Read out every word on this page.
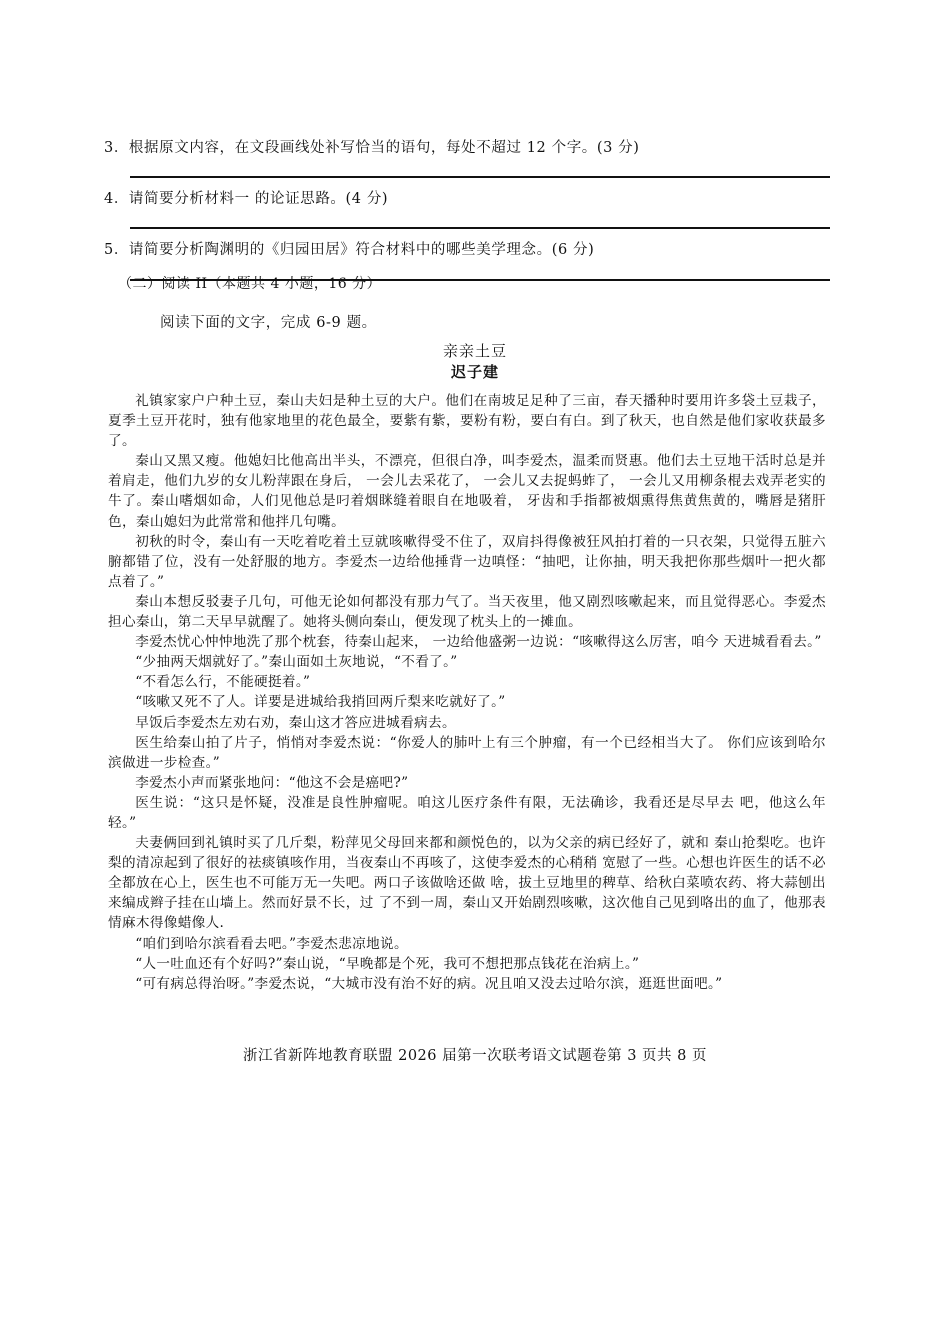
3．根据原文内容，在文段画线处补写恰当的语句，每处不超过 12 个字。(3 分)
4．请简要分析材料一 的论证思路。(4 分)
5．请简要分析陶渊明的《归园田居》符合材料中的哪些美学理念。(6 分)
（二）阅读 II（本题共 4 小题，16 分）
阅读下面的文字，完成 6-9 题。
亲亲土豆
迟子建

礼镇家家户户种土豆，秦山夫妇是种土豆的大户。他们在南坡足足种了三亩，春天播种时要用许多袋土豆栽子，夏季土豆开花时，独有他家地里的花色最全，要紫有紫，要粉有粉，要白有白。到了秋天，也自然是他们家收获最多了。

秦山又黑又瘦。他媳妇比他高出半头，不漂亮，但很白净，叫李爱杰，温柔而贤惠。他们去土豆地干活时总是并着肩走，他们九岁的女儿粉萍跟在身后， 一会儿去采花了， 一会儿又去捉蚂蚱了， 一会儿又用柳条棍去戏弄老实的牛了。秦山嗜烟如命，人们见他总是叼着烟眯缝着眼自在地吸着， 牙齿和手指都被烟熏得焦黄焦黄的，嘴唇是猪肝色，秦山媳妇为此常常和他拌几句嘴。

初秋的时令，秦山有一天吃着吃着土豆就咳嗽得受不住了，双肩抖得像被狂风拍打着的一只衣架，只觉得五脏六腑都错了位，没有一处舒服的地方。李爱杰一边给他捶背一边嗔怪：“抽吧，让你抽，明天我把你那些烟叶一把火都点着了。”

秦山本想反驳妻子几句，可他无论如何都没有那力气了。当天夜里，他又剧烈咳嗽起来，而且觉得恶心。李爱杰担心秦山，第二天早早就醒了。她将头侧向秦山，便发现了枕头上的一摊血。

李爱杰忧心忡忡地洗了那个枕套，待秦山起来， 一边给他盛粥一边说：“咳嗽得这么厉害，咱今 天进城看看去。”

“少抽两天烟就好了。”秦山面如土灰地说，“不看了。”

“不看怎么行，不能硬挺着。”

“咳嗽又死不了人。详要是进城给我捎回两斤梨来吃就好了。”

早饭后李爱杰左劝右劝，秦山这才答应进城看病去。

医生给秦山拍了片子，悄悄对李爱杰说：“你爱人的肺叶上有三个肿瘤，有一个已经相当大了。 你们应该到哈尔滨做进一步检查。”

李爱杰小声而紧张地问：“他这不会是癌吧?”

医生说：“这只是怀疑，没准是良性肿瘤呢。咱这儿医疗条件有限，无法确诊，我看还是尽早去 吧，他这么年轻。”

夫妻俩回到礼镇时买了几斤梨，粉萍见父母回来都和颜悦色的，以为父亲的病已经好了，就和 秦山抢梨吃。也许梨的清凉起到了很好的祛痰镇咳作用，当夜秦山不再咳了，这使李爱杰的心稍稍 宽慰了一些。心想也许医生的话不必全都放在心上，医生也不可能万无一失吧。两口子该做啥还做 啥，拔土豆地里的稗草、给秋白菜喷农药、将大蒜刨出来编成辫子挂在山墙上。然而好景不长，过 了不到一周，秦山又开始剧烈咳嗽，这次他自己见到咯出的血了，他那表情麻木得像蜡像人.

“咱们到哈尔滨看看去吧。”李爱杰悲凉地说。

“人一吐血还有个好吗?”秦山说，“早晚都是个死，我可不想把那点钱花在治病上。”

“可有病总得治呀。”李爱杰说，“大城市没有治不好的病。况且咱又没去过哈尔滨，逛逛世面吧。”

浙江省新阵地教育联盟 2026 届第一次联考语文试题卷第 3 页共 8 页
